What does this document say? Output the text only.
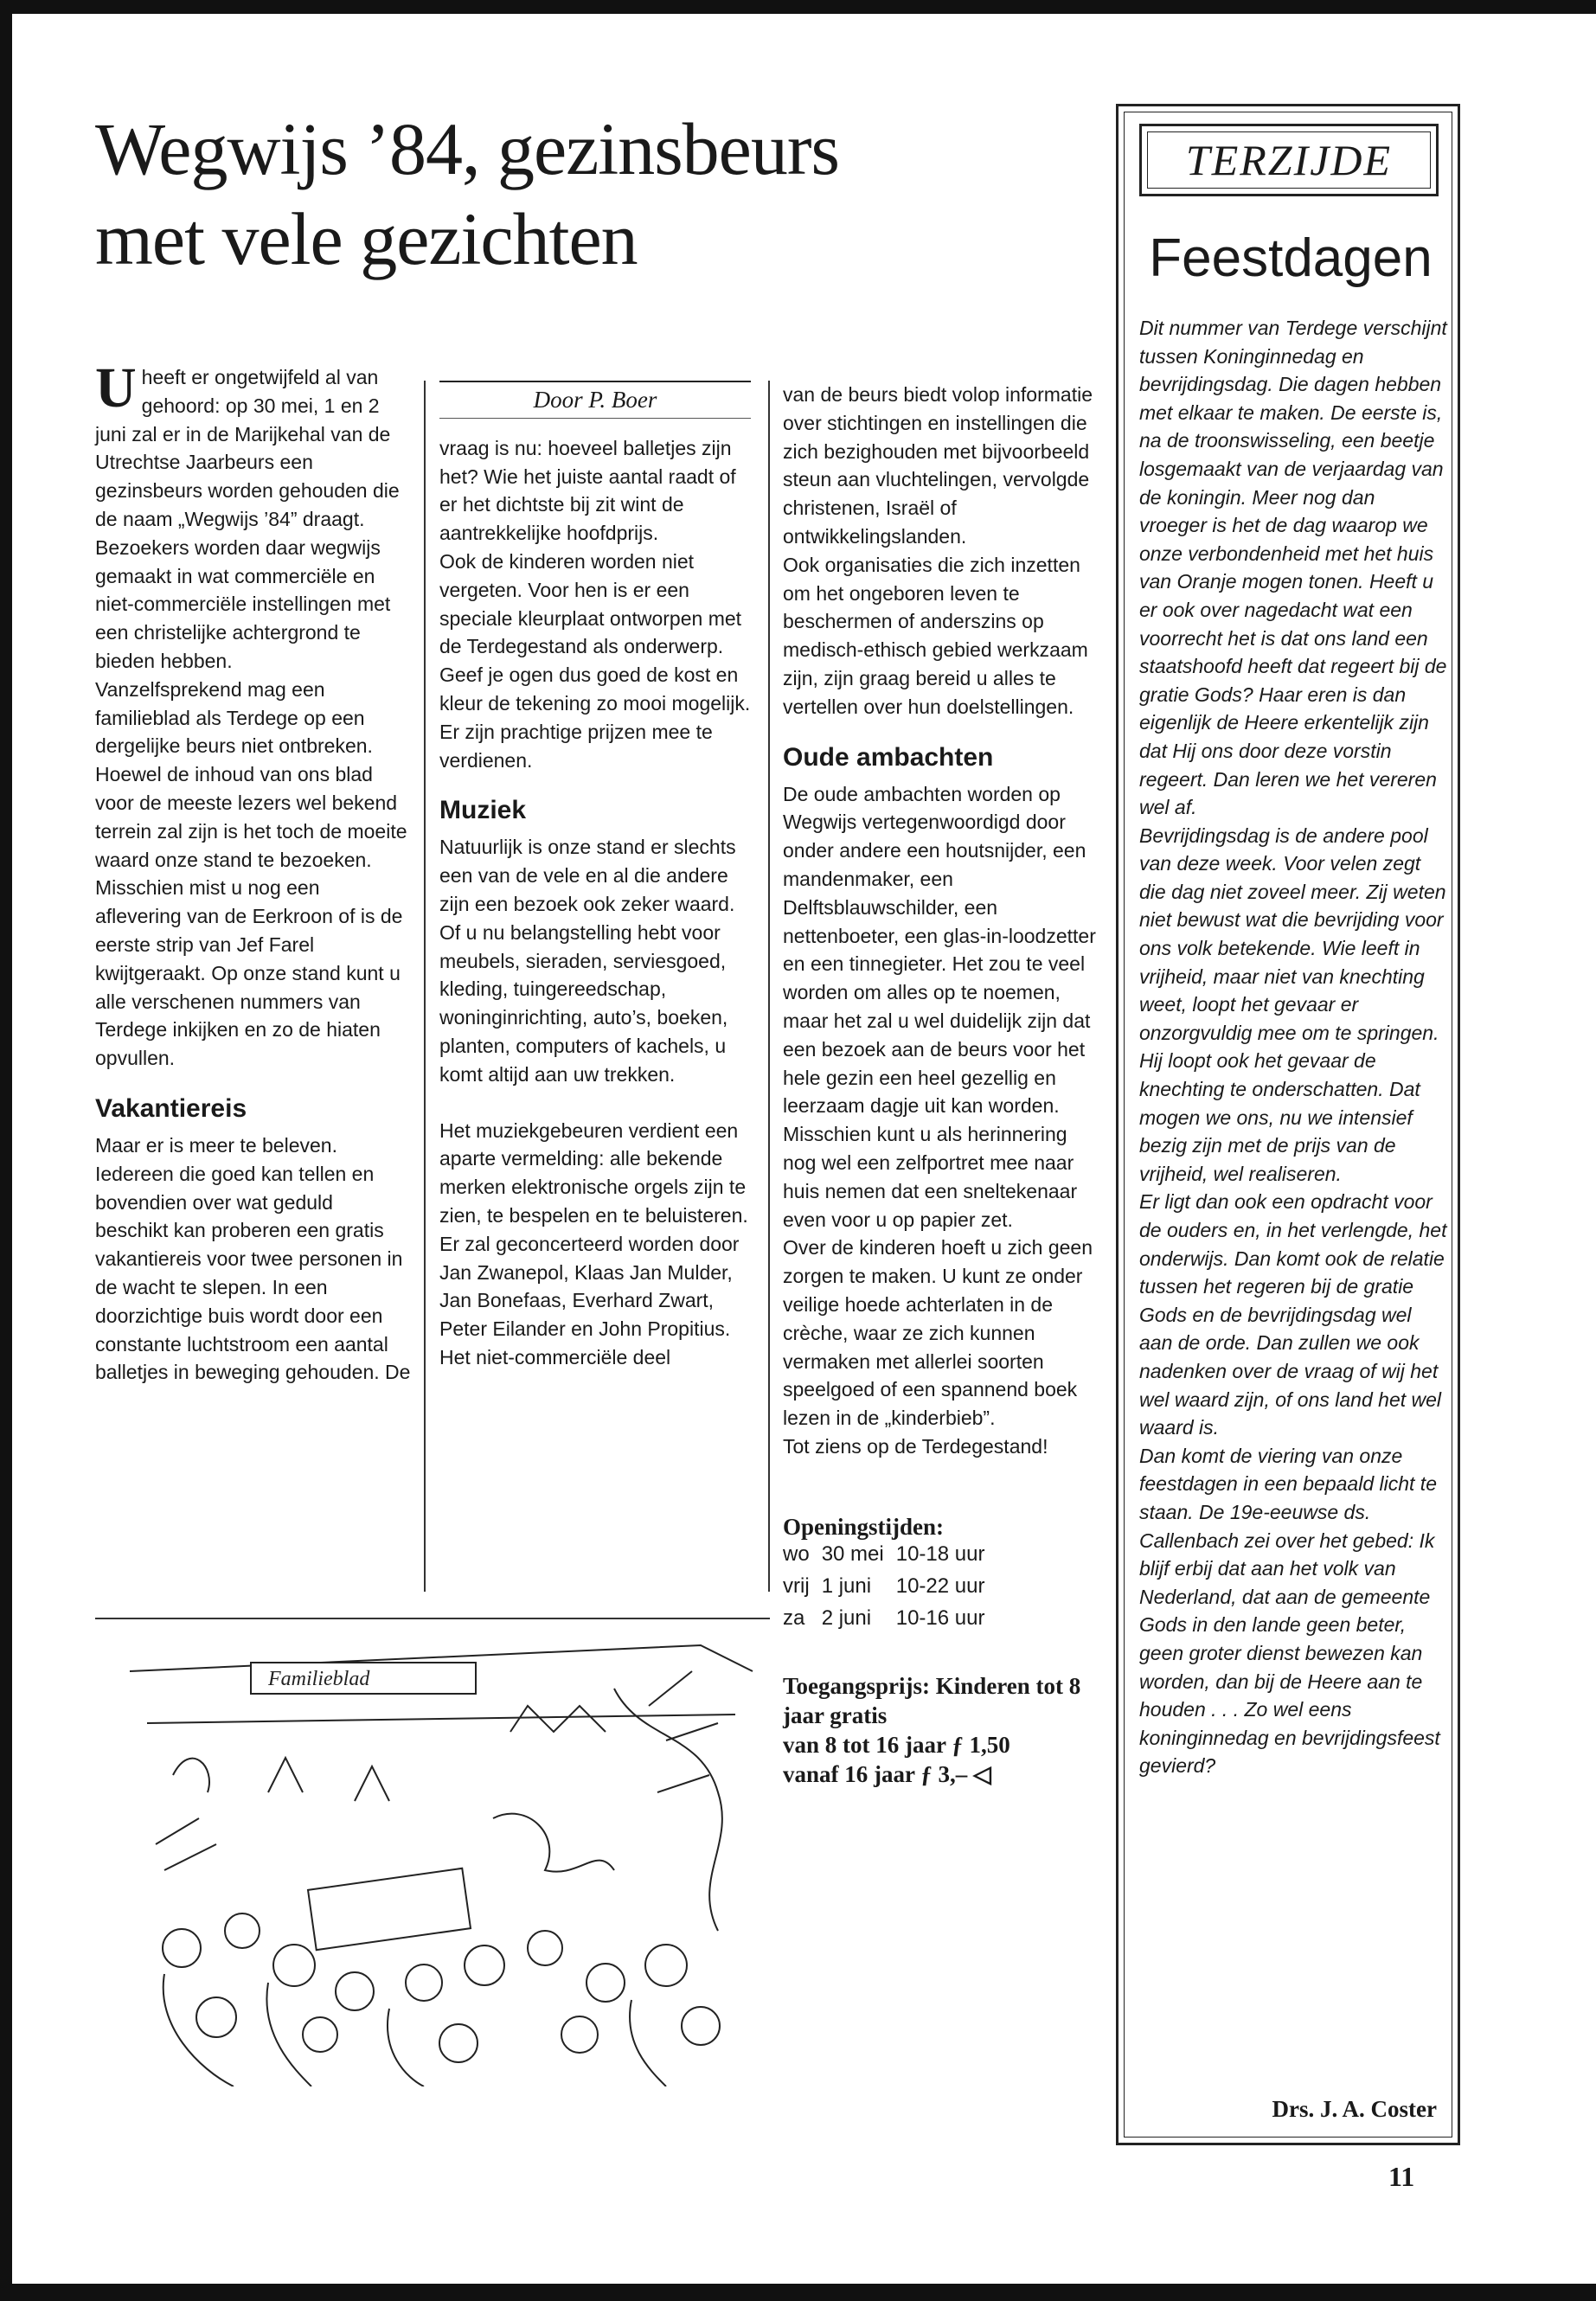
Wegwijs ’84, gezinsbeurs
met vele gezichten

Uheeft er ongetwijfeld al van gehoord: op 30 mei, 1 en 2 juni zal er in de Marijkehal van de Utrechtse Jaarbeurs een gezinsbeurs worden gehouden die de naam „Wegwijs ’84” draagt. Bezoekers worden daar wegwijs gemaakt in wat commerciële en niet-commerciële instellingen met een christelijke achtergrond te bieden hebben.

Vanzelfsprekend mag een familieblad als Terdege op een dergelijke beurs niet ontbreken. Hoewel de inhoud van ons blad voor de meeste lezers wel bekend terrein zal zijn is het toch de moeite waard onze stand te bezoeken. Misschien mist u nog een aflevering van de Eerkroon of is de eerste strip van Jef Farel kwijtgeraakt. Op onze stand kunt u alle verschenen nummers van Terdege inkijken en zo de hiaten opvullen.

Vakantiereis

Maar er is meer te beleven. Iedereen die goed kan tellen en bovendien over wat geduld beschikt kan proberen een gratis vakantiereis voor twee personen in de wacht te slepen. In een doorzichtige buis wordt door een constante luchtstroom een aantal balletjes in beweging gehouden. De

Door P. Boer

vraag is nu: hoeveel balletjes zijn het? Wie het juiste aantal raadt of er het dichtste bij zit wint de aantrekkelijke hoofdprijs.

Ook de kinderen worden niet vergeten. Voor hen is er een speciale kleurplaat ontworpen met de Terdegestand als onderwerp. Geef je ogen dus goed de kost en kleur de tekening zo mooi mogelijk. Er zijn prachtige prijzen mee te verdienen.

Muziek

Natuurlijk is onze stand er slechts een van de vele en al die andere zijn een bezoek ook zeker waard. Of u nu belangstelling hebt voor meubels, sieraden, serviesgoed, kleding, tuingereedschap, woninginrichting, auto’s, boeken, planten, computers of kachels, u komt altijd aan uw trekken.

Het muziekgebeuren verdient een aparte vermelding: alle bekende merken elektronische orgels zijn te zien, te bespelen en te beluisteren. Er zal geconcerteerd worden door Jan Zwanepol, Klaas Jan Mulder, Jan Bonefaas, Everhard Zwart, Peter Eilander en John Propitius.

Het niet-commerciële deel

van de beurs biedt volop informatie over stichtingen en instellingen die zich bezighouden met bijvoorbeeld steun aan vluchtelingen, vervolgde christenen, Israël of ontwikkelingslanden.

Ook organisaties die zich inzetten om het ongeboren leven te beschermen of anderszins op medisch-ethisch gebied werkzaam zijn, zijn graag bereid u alles te vertellen over hun doelstellingen.

Oude ambachten

De oude ambachten worden op Wegwijs vertegenwoordigd door onder andere een houtsnijder, een mandenmaker, een Delftsblauwschilder, een nettenboeter, een glas-in-loodzetter en een tinnegieter. Het zou te veel worden om alles op te noemen, maar het zal u wel duidelijk zijn dat een bezoek aan de beurs voor het hele gezin een heel gezellig en leerzaam dagje uit kan worden. Misschien kunt u als herinnering nog wel een zelfportret mee naar huis nemen dat een sneltekenaar even voor u op papier zet.

Over de kinderen hoeft u zich geen zorgen te maken. U kunt ze onder veilige hoede achterlaten in de crèche, waar ze zich kunnen vermaken met allerlei soorten speelgoed of een spannend boek lezen in de „kinderbieb”.

Tot ziens op de Terdegestand!

Openingstijden:

wo	30 mei	10-18 uur
vrij	1 juni	10-22 uur
za	2 juni	10-16 uur
Toegangsprijs: Kinderen tot 8 jaar gratis
van 8 tot 16 jaar ƒ 1,50
vanaf 16 jaar ƒ 3,– ◁
Familieblad
TERZIJDE
Feestdagen

Dit nummer van Terdege verschijnt tussen Koninginnedag en bevrijdingsdag. Die dagen hebben met elkaar te maken. De eerste is, na de troonswisseling, een beetje losgemaakt van de verjaardag van de koningin. Meer nog dan vroeger is het de dag waarop we onze verbondenheid met het huis van Oranje mogen tonen. Heeft u er ook over nagedacht wat een voorrecht het is dat ons land een staatshoofd heeft dat regeert bij de gratie Gods? Haar eren is dan eigenlijk de Heere erkentelijk zijn dat Hij ons door deze vorstin regeert. Dan leren we het vereren wel af.

Bevrijdingsdag is de andere pool van deze week. Voor velen zegt die dag niet zoveel meer. Zij weten niet bewust wat die bevrijding voor ons volk betekende. Wie leeft in vrijheid, maar niet van knechting weet, loopt het gevaar er onzorgvuldig mee om te springen. Hij loopt ook het gevaar de knechting te onderschatten. Dat mogen we ons, nu we intensief bezig zijn met de prijs van de vrijheid, wel realiseren.

Er ligt dan ook een opdracht voor de ouders en, in het verlengde, het onderwijs. Dan komt ook de relatie tussen het regeren bij de gratie Gods en de bevrijdingsdag wel aan de orde. Dan zullen we ook nadenken over de vraag of wij het wel waard zijn, of ons land het wel waard is.

Dan komt de viering van onze feestdagen in een bepaald licht te staan. De 19e-eeuwse ds. Callenbach zei over het gebed: Ik blijf erbij dat aan het volk van Nederland, dat aan de gemeente Gods in den lande geen beter, geen groter dienst bewezen kan worden, dan bij de Heere aan te houden . . . Zo wel eens koninginnedag en bevrijdingsfeest gevierd?

Drs. J. A. Coster
11
